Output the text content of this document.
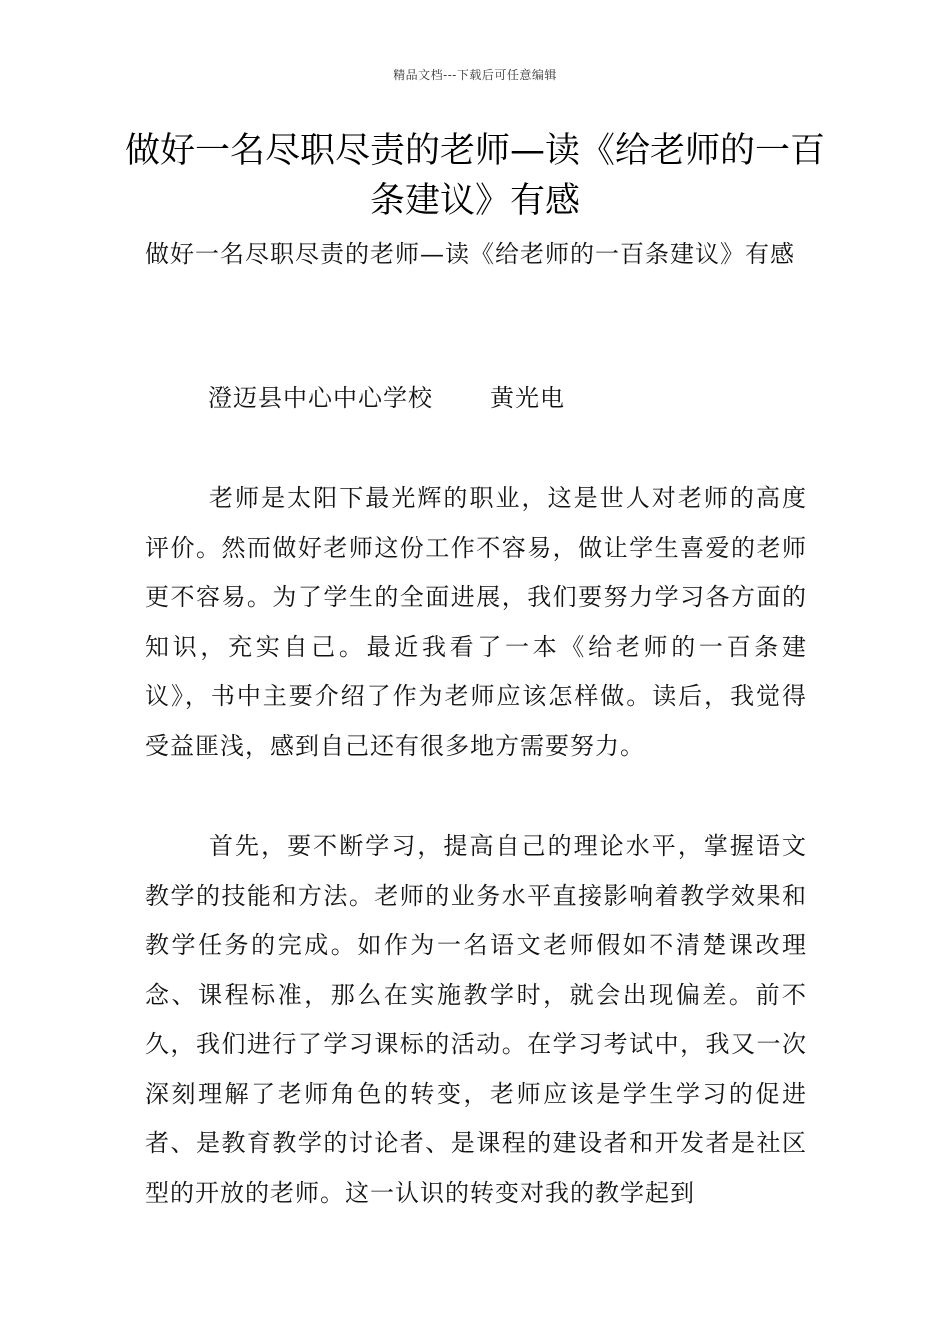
精品文档---下载后可任意编辑
做好一名尽职尽责的老师—读《给老师的一百条建议》有感

做好一名尽职尽责的老师—读《给老师的一百条建议》有感

澄迈县中心中心学校 黄光电

老师是太阳下最光辉的职业，这是世人对老师的高度评价。然而做好老师这份工作不容易，做让学生喜爱的老师更不容易。为了学生的全面进展，我们要努力学习各方面的知识，充实自己。最近我看了一本《给老师的一百条建议》，书中主要介绍了作为老师应该怎样做。读后，我觉得受益匪浅，感到自己还有很多地方需要努力。

首先，要不断学习，提高自己的理论水平，掌握语文教学的技能和方法。老师的业务水平直接影响着教学效果和教学任务的完成。如作为一名语文老师假如不清楚课改理念、课程标准，那么在实施教学时，就会出现偏差。前不久，我们进行了学习课标的活动。在学习考试中，我又一次深刻理解了老师角色的转变，老师应该是学生学习的促进者、是教育教学的讨论者、是课程的建设者和开发者是社区型的开放的老师。这一认识的转变对我的教学起到
